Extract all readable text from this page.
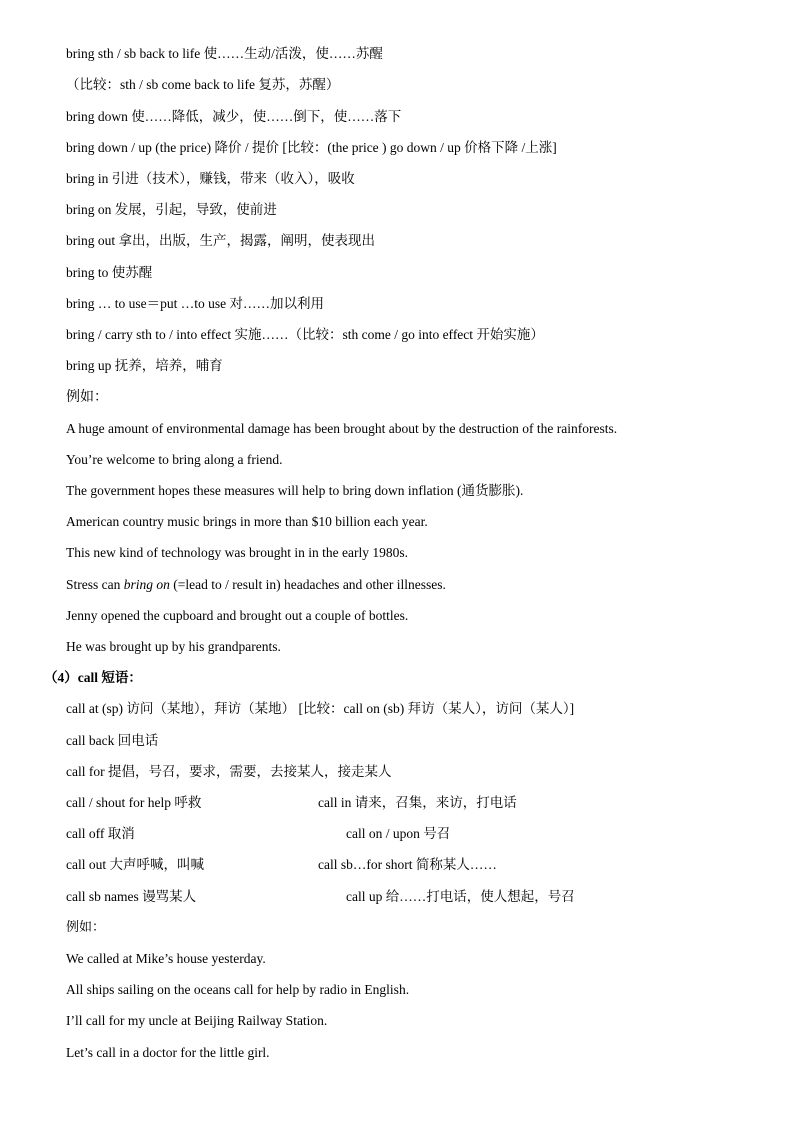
bring sth / sb back to life 使……生动/活泼，使……苏醒
（比较：sth / sb come back to life 复苏，苏醒）
bring down 使……降低，减少，使……倒下，使……落下
bring down / up (the price) 降价 / 提价 [比较：(the price ) go down / up 价格下降 /上涨]
bring in 引进（技术），赚钱，带来（收入），吸收
bring on 发展，引起，导致，使前进
bring out 拿出，出版，生产，揭露，阐明，使表现出
bring to 使苏醒
bring … to use＝put …to use 对……加以利用
bring / carry sth to / into effect 实施……（比较：sth come / go into effect 开始实施）
bring up 抚养，培养，哺育
例如：
A huge amount of environmental damage has been brought about by the destruction of the rainforests.
You’re welcome to bring along a friend.
The government hopes these measures will help to bring down inflation (通货膨胀).
American country music brings in more than $10 billion each year.
This new kind of technology was brought in in the early 1980s.
Stress can bring on (=lead to / result in) headaches and other illnesses.
Jenny opened the cupboard and brought out a couple of bottles.
He was brought up by his grandparents.
（4）call 短语：
call at (sp) 访问（某地），拜访（某地） [比较：call on (sb) 拜访（某人），访问（某人）]
call back 回电话
call for 提倡，号召，要求，需要，去接某人，接走某人
call / shout for help 呼救	call in 请来，召集，来访，打电话
call off 取消	call on / upon 号召
call out 大声呼喊，叫喊	call sb…for short 简称某人……
call sb names 谩骂某人	call up 给……打电话，使人想起，号召
例如：
We called at Mike’s house yesterday.
All ships sailing on the oceans call for help by radio in English.
I’ll call for my uncle at Beijing Railway Station.
Let’s call in a doctor for the little girl.
